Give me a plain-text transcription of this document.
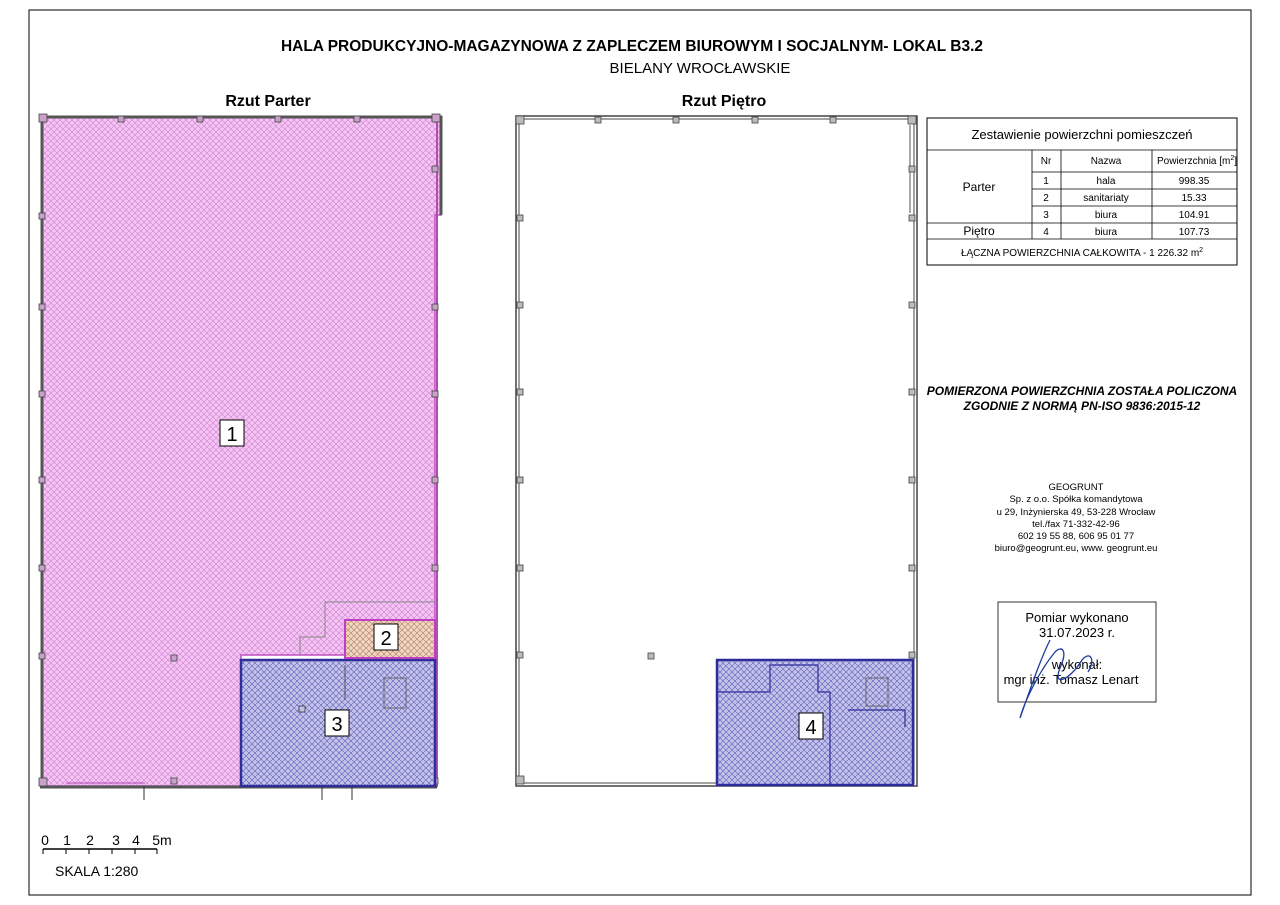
HALA PRODUKCYJNO-MAGAZYNOWA Z ZAPLECZEM BIUROWYM I SOCJALNYM- LOKAL B3.2
BIELANY WROCŁAWSKIE
Rzut Parter
1
2
3
Rzut Piętro
4
Zestawienie powierzchni pomieszczeń
Nr	Nazwa	Powierzchnia $[m^2]$
Parter	1	hala	998.35
2	sanitariaty	15.33
3	biura	104.91
Piętro	4	biura	107.73
ŁĄCZNA POWIERZCHNIA CAŁKOWITA - 1 226.32 $m^2$
POMIERZONA POWIERZCHNIA ZOSTAŁA POLICZONA
ZGODNIE Z NORMĄ PN-ISO 9836:2015-12
GEOGRUNT
Sp. z o.o. Spółka komandytowa
u 29, Inżynierska 49, 53-228 Wrocław
tel./fax 71-332-42-96
602 19 55 88, 606 95 01 77
biuro@geogrunt.eu, www. geogrunt.eu
Pomiar wykonano
31.07.2023 r.
wykonał:
mgr inż. Tomasz Lenart
0 1 2 3 4 5m
SKALA 1:280
